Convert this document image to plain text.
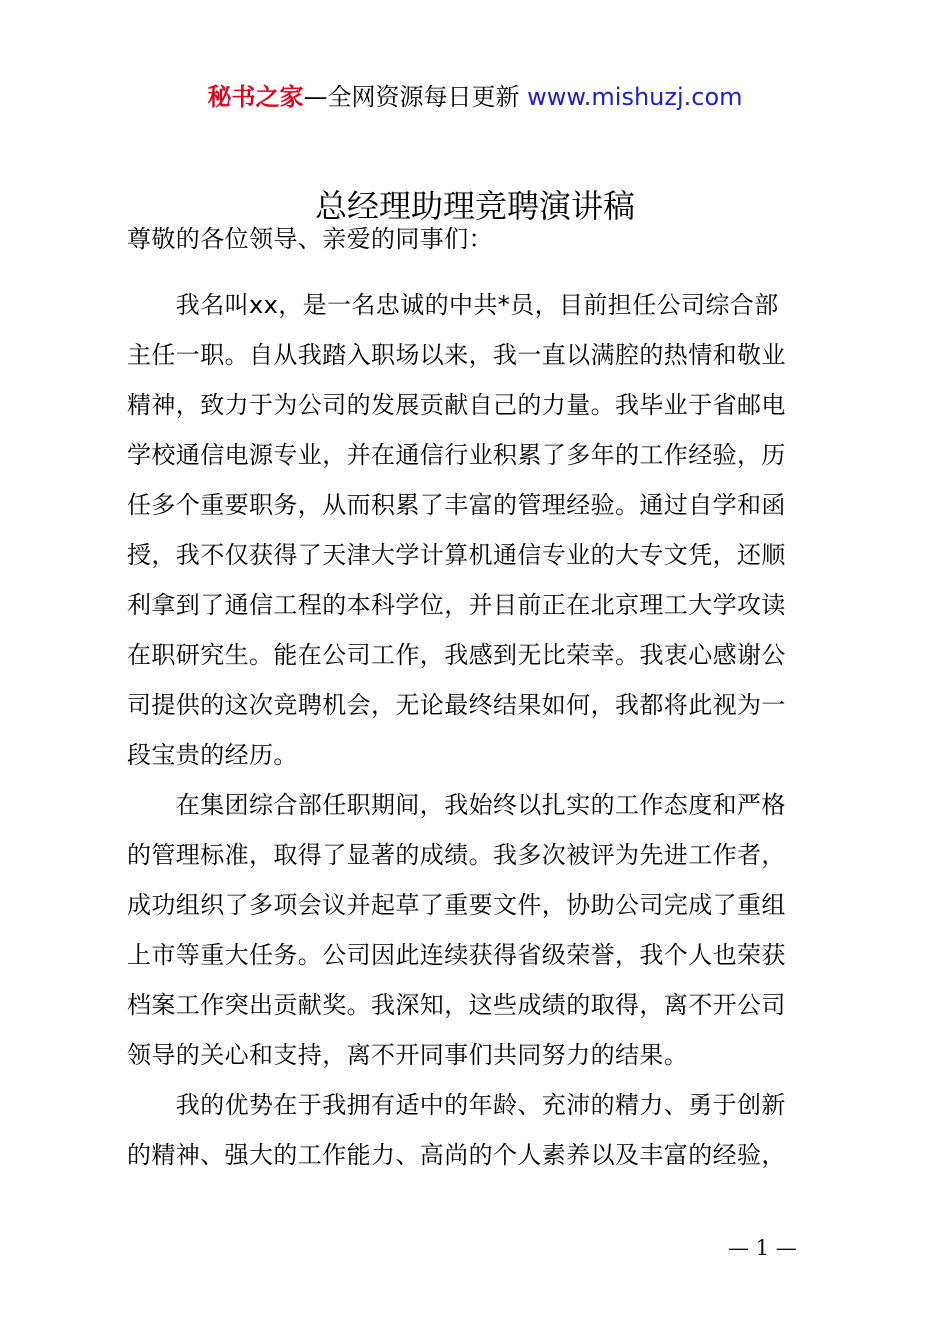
秘书之家—全网资源每日更新 www.mishuzj.com
总经理助理竞聘演讲稿
尊敬的各位领导、亲爱的同事们：
　　我名叫xx，是一名忠诚的中共*员，目前担任公司综合部
主任一职。自从我踏入职场以来，我一直以满腔的热情和敬业
精神，致力于为公司的发展贡献自己的力量。我毕业于省邮电
学校通信电源专业，并在通信行业积累了多年的工作经验，历
任多个重要职务，从而积累了丰富的管理经验。通过自学和函
授，我不仅获得了天津大学计算机通信专业的大专文凭，还顺
利拿到了通信工程的本科学位，并目前正在北京理工大学攻读
在职研究生。能在公司工作，我感到无比荣幸。我衷心感谢公
司提供的这次竞聘机会，无论最终结果如何，我都将此视为一
段宝贵的经历。
　　在集团综合部任职期间，我始终以扎实的工作态度和严格
的管理标准，取得了显著的成绩。我多次被评为先进工作者，
成功组织了多项会议并起草了重要文件，协助公司完成了重组
上市等重大任务。公司因此连续获得省级荣誉，我个人也荣获
档案工作突出贡献奖。我深知，这些成绩的取得，离不开公司
领导的关心和支持，离不开同事们共同努力的结果。
　　我的优势在于我拥有适中的年龄、充沛的精力、勇于创新
的精神、强大的工作能力、高尚的个人素养以及丰富的经验，
— 1 —
